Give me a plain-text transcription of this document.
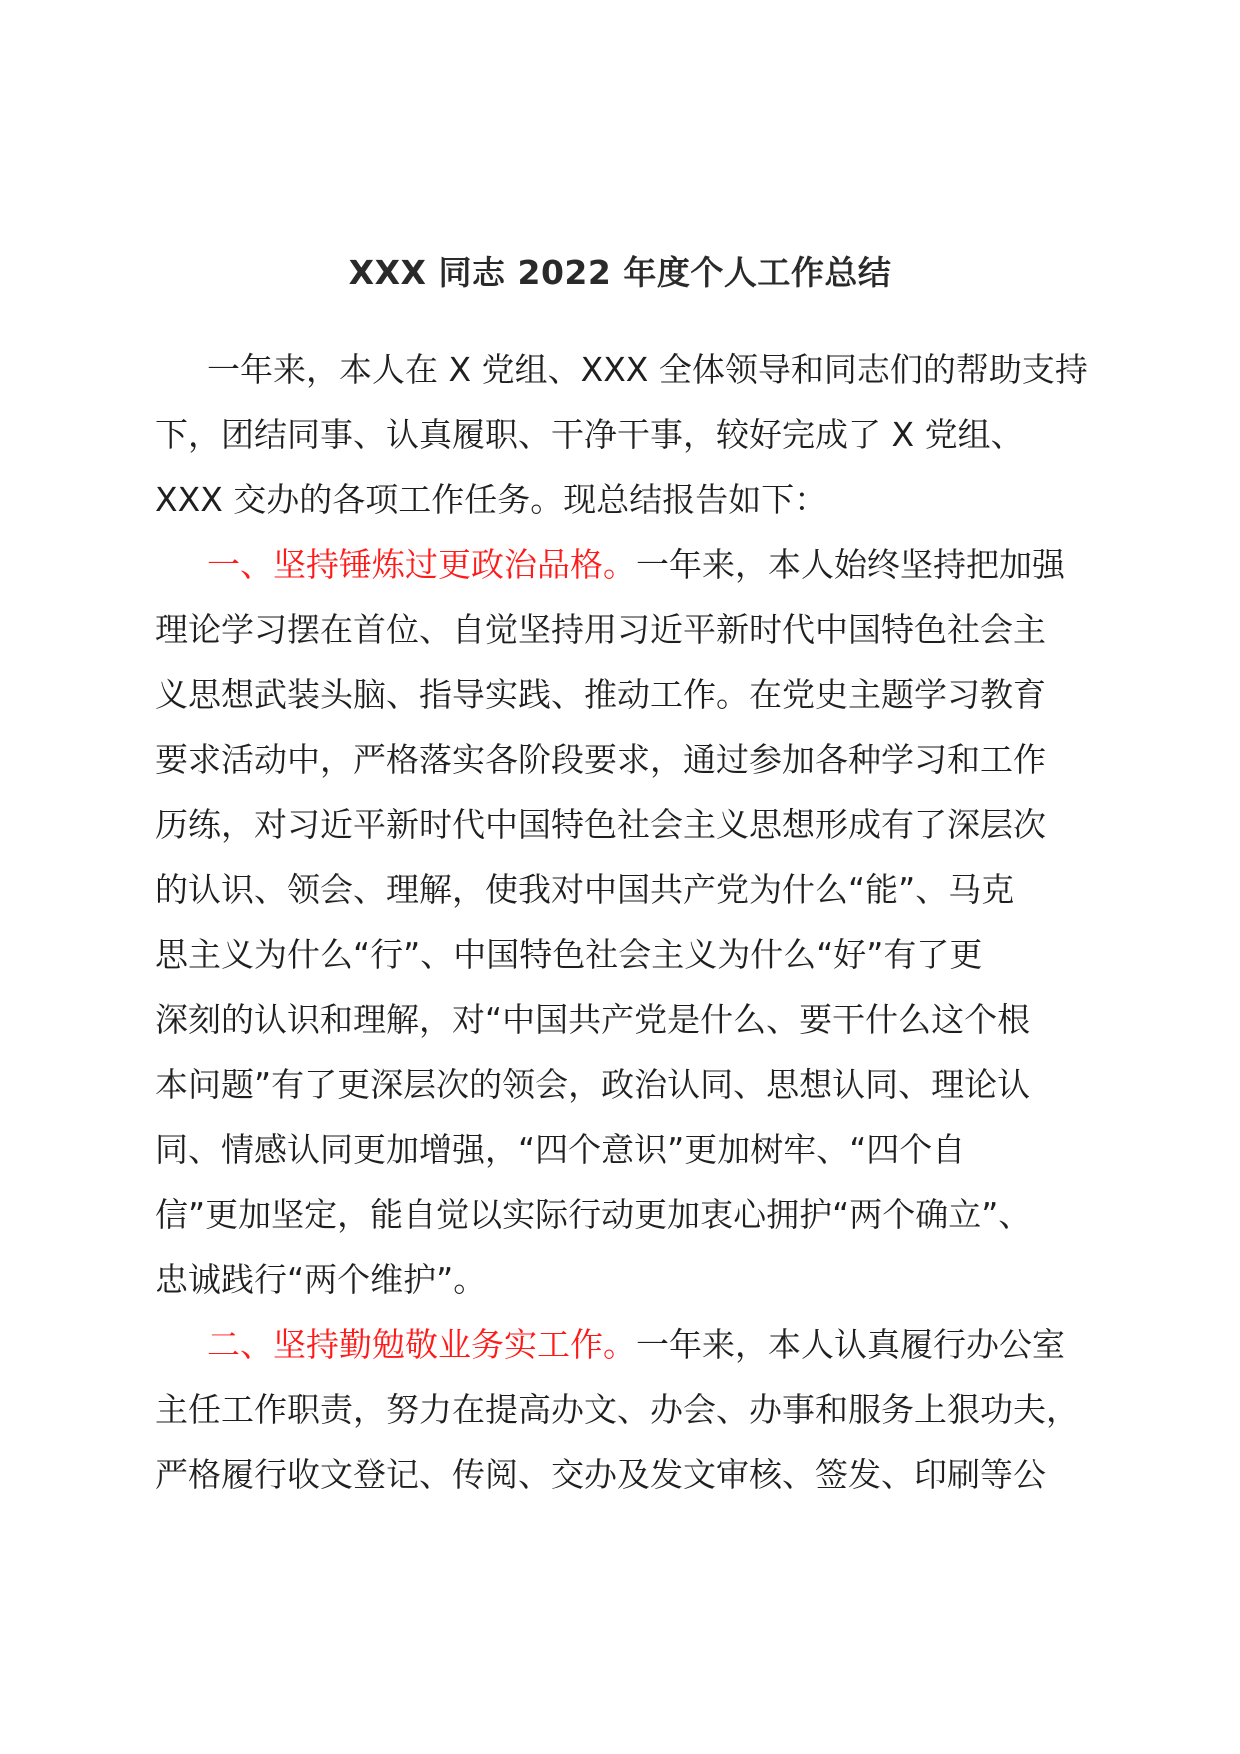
XXX 同志 2022 年度个人工作总结
一年来，本人在 X 党组、XXX 全体领导和同志们的帮助支持
下，团结同事、认真履职、干净干事，较好完成了 X 党组、
XXX 交办的各项工作任务。现总结报告如下：
一、坚持锤炼过更政治品格。一年来，本人始终坚持把加强
理论学习摆在首位、自觉坚持用习近平新时代中国特色社会主
义思想武装头脑、指导实践、推动工作。在党史主题学习教育
要求活动中，严格落实各阶段要求，通过参加各种学习和工作
历练，对习近平新时代中国特色社会主义思想形成有了深层次
的认识、领会、理解，使我对中国共产党为什么“能”、马克
思主义为什么“行”、中国特色社会主义为什么“好”有了更
深刻的认识和理解，对“中国共产党是什么、要干什么这个根
本问题”有了更深层次的领会，政治认同、思想认同、理论认
同、情感认同更加增强，“四个意识”更加树牢、“四个自
信”更加坚定，能自觉以实际行动更加衷心拥护“两个确立”、
忠诚践行“两个维护”。
二、坚持勤勉敬业务实工作。一年来，本人认真履行办公室
主任工作职责，努力在提高办文、办会、办事和服务上狠功夫，
严格履行收文登记、传阅、交办及发文审核、签发、印刷等公
